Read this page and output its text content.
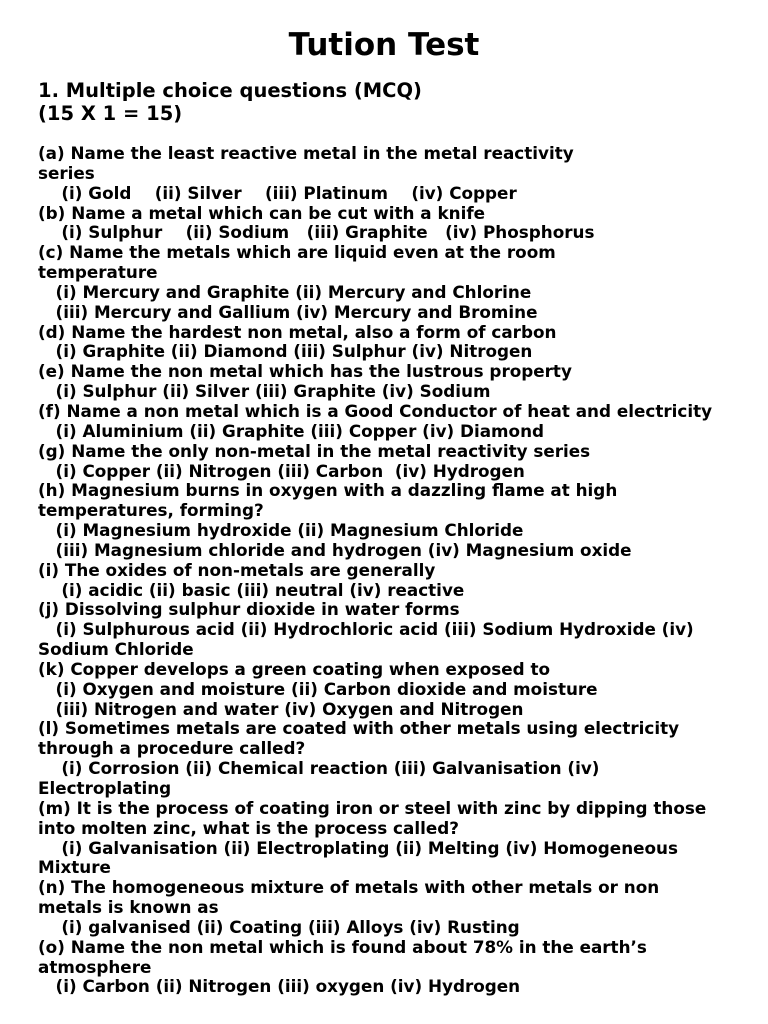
Tution Test
1. Multiple choice questions (MCQ)
(15 X 1 = 15)
(a) Name the least reactive metal in the metal reactivity
series
(i) Gold    (ii) Silver    (iii) Platinum    (iv) Copper
(b) Name a metal which can be cut with a knife
(i) Sulphur    (ii) Sodium   (iii) Graphite   (iv) Phosphorus
(c) Name the metals which are liquid even at the room
temperature
(i) Mercury and Graphite (ii) Mercury and Chlorine
(iii) Mercury and Gallium (iv) Mercury and Bromine
(d) Name the hardest non metal, also a form of carbon
(i) Graphite (ii) Diamond (iii) Sulphur (iv) Nitrogen
(e) Name the non metal which has the lustrous property
(i) Sulphur (ii) Silver (iii) Graphite (iv) Sodium
(f) Name a non metal which is a Good Conductor of heat and electricity
(i) Aluminium (ii) Graphite (iii) Copper (iv) Diamond
(g) Name the only non-metal in the metal reactivity series
(i) Copper (ii) Nitrogen (iii) Carbon  (iv) Hydrogen
(h) Magnesium burns in oxygen with a dazzling flame at high
temperatures, forming?
(i) Magnesium hydroxide (ii) Magnesium Chloride
(iii) Magnesium chloride and hydrogen (iv) Magnesium oxide
(i) The oxides of non-metals are generally
(i) acidic (ii) basic (iii) neutral (iv) reactive
(j) Dissolving sulphur dioxide in water forms
(i) Sulphurous acid (ii) Hydrochloric acid (iii) Sodium Hydroxide (iv)
Sodium Chloride
(k) Copper develops a green coating when exposed to
(i) Oxygen and moisture (ii) Carbon dioxide and moisture
(iii) Nitrogen and water (iv) Oxygen and Nitrogen
(l) Sometimes metals are coated with other metals using electricity
through a procedure called?
(i) Corrosion (ii) Chemical reaction (iii) Galvanisation (iv)
Electroplating
(m) It is the process of coating iron or steel with zinc by dipping those
into molten zinc, what is the process called?
(i) Galvanisation (ii) Electroplating (ii) Melting (iv) Homogeneous
Mixture
(n) The homogeneous mixture of metals with other metals or non
metals is known as
(i) galvanised (ii) Coating (iii) Alloys (iv) Rusting
(o) Name the non metal which is found about 78% in the earth’s
atmosphere
(i) Carbon (ii) Nitrogen (iii) oxygen (iv) Hydrogen
